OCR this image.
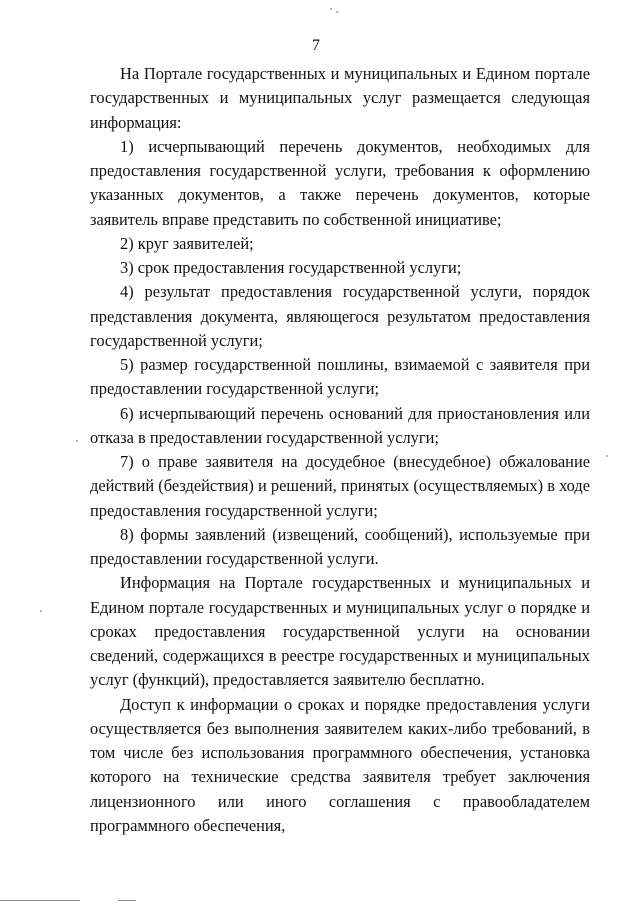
7

На Портале государственных и муниципальных и Едином портале государственных и муниципальных услуг размещается следующая информация:

1) исчерпывающий перечень документов, необходимых для предоставления государственной услуги, требования к оформлению указанных документов, а также перечень документов, которые заявитель вправе представить по собственной инициативе;

2) круг заявителей;

3) срок предоставления государственной услуги;

4) результат предоставления государственной услуги, порядок представления документа, являющегося результатом предоставления государственной услуги;

5) размер государственной пошлины, взимаемой с заявителя при предоставлении государственной услуги;

6) исчерпывающий перечень оснований для приостановления или отказа в предоставлении государственной услуги;

7) о праве заявителя на досудебное (внесудебное) обжалование действий (бездействия) и решений, принятых (осуществляемых) в ходе предоставления государственной услуги;

8) формы заявлений (извещений, сообщений), используемые при предоставлении государственной услуги.

Информация на Портале государственных и муниципальных и Едином портале государственных и муниципальных услуг о порядке и сроках предоставления государственной услуги на основании сведений, содержащихся в реестре государственных и муниципальных услуг (функций), предоставляется заявителю бесплатно.

Доступ к информации о сроках и порядке предоставления услуги осуществляется без выполнения заявителем каких-либо требований, в том числе без использования программного обеспечения, установка которого на технические средства заявителя требует заключения лицензионного или иного соглашения с правообладателем программного обеспечения,
